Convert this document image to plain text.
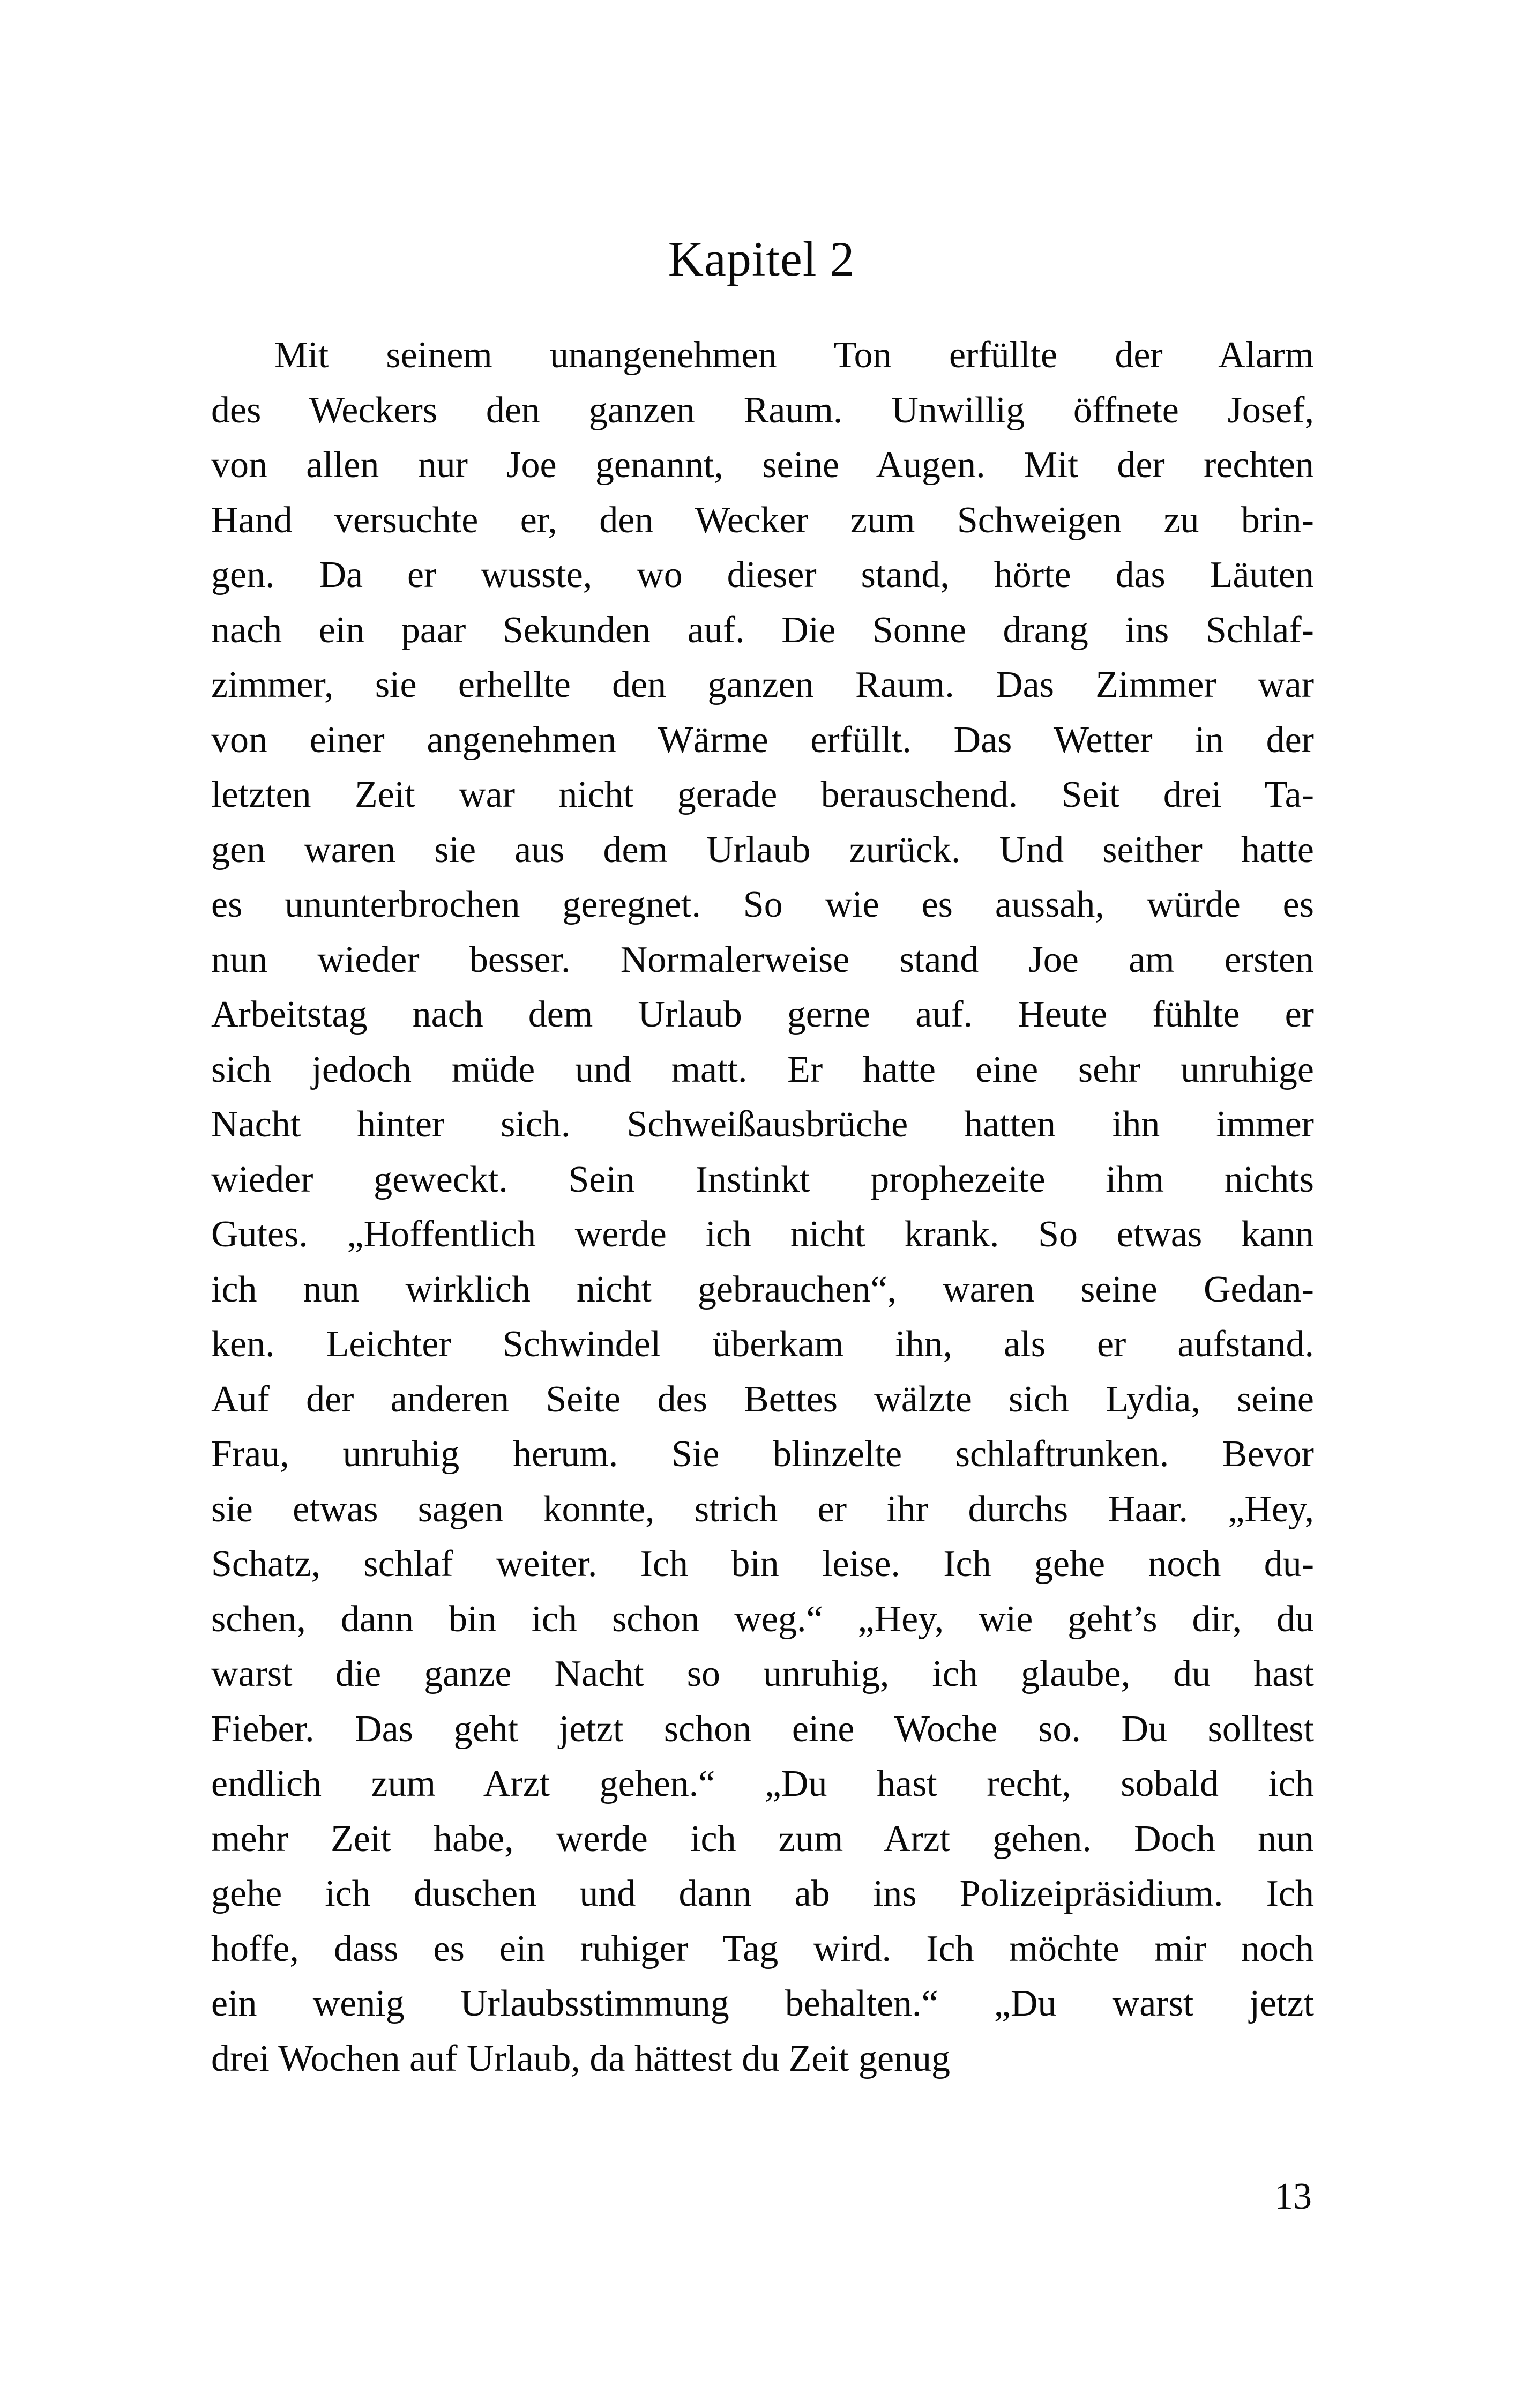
Kapitel 2
Mit seinem unangenehmen Ton erfüllte der Alarm
des Weckers den ganzen Raum. Unwillig öffnete Josef,
von allen nur Joe genannt, seine Augen. Mit der rechten
Hand versuchte er, den Wecker zum Schweigen zu brin-
gen. Da er wusste, wo dieser stand, hörte das Läuten
nach ein paar Sekunden auf. Die Sonne drang ins Schlaf-
zimmer, sie erhellte den ganzen Raum. Das Zimmer war
von einer angenehmen Wärme erfüllt. Das Wetter in der
letzten Zeit war nicht gerade berauschend. Seit drei Ta-
gen waren sie aus dem Urlaub zurück. Und seither hatte
es ununterbrochen geregnet. So wie es aussah, würde es
nun wieder besser. Normalerweise stand Joe am ersten
Arbeitstag nach dem Urlaub gerne auf. Heute fühlte er
sich jedoch müde und matt. Er hatte eine sehr unruhige
Nacht hinter sich. Schweißausbrüche hatten ihn immer
wieder geweckt. Sein Instinkt prophezeite ihm nichts
Gutes. „Hoffentlich werde ich nicht krank. So etwas kann
ich nun wirklich nicht gebrauchen“, waren seine Gedan-
ken. Leichter Schwindel überkam ihn, als er aufstand.
Auf der anderen Seite des Bettes wälzte sich Lydia, seine
Frau, unruhig herum. Sie blinzelte schlaftrunken. Bevor
sie etwas sagen konnte, strich er ihr durchs Haar. „Hey,
Schatz, schlaf weiter. Ich bin leise. Ich gehe noch du-
schen, dann bin ich schon weg.“ „Hey, wie geht’s dir, du
warst die ganze Nacht so unruhig, ich glaube, du hast
Fieber. Das geht jetzt schon eine Woche so. Du solltest
endlich zum Arzt gehen.“ „Du hast recht, sobald ich
mehr Zeit habe, werde ich zum Arzt gehen. Doch nun
gehe ich duschen und dann ab ins Polizeipräsidium. Ich
hoffe, dass es ein ruhiger Tag wird. Ich möchte mir noch
ein wenig Urlaubsstimmung behalten.“ „Du warst jetzt
drei Wochen auf Urlaub, da hättest du Zeit genug
13
